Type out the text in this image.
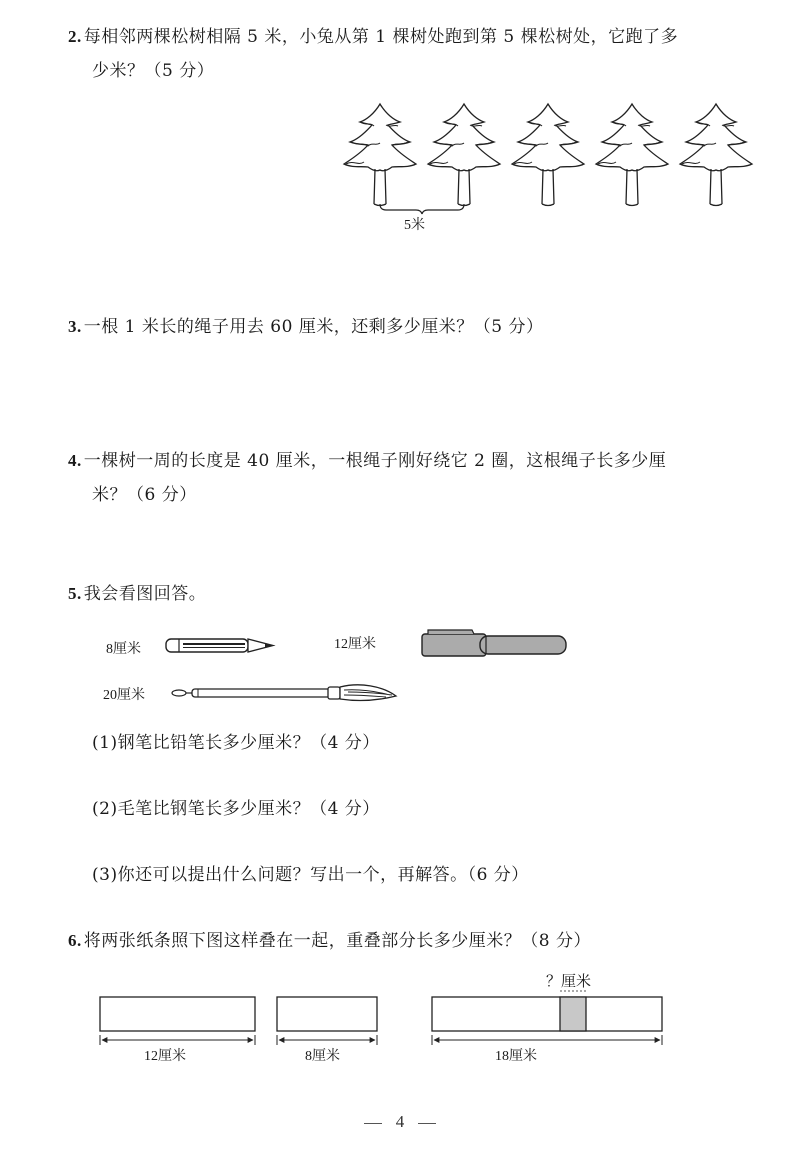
2 . 每相邻两棵松树相隔 5 米，小兔从第 1 棵树处跑到第 5 棵松树处，它跑了多
少米？（5 分）
5米
3 . 一根 1 米长的绳子用去 60 厘米，还剩多少厘米？（5 分）
4 . 一棵树一周的长度是 40 厘米，一根绳子刚好绕它 2 圈，这根绳子长多少厘
米？（6 分）
5 . 我会看图回答。
8厘米	12厘米
20厘米
(1)钢笔比铅笔长多少厘米？（4 分）
(2)毛笔比钢笔长多少厘米？（4 分）
(3)你还可以提出什么问题？写出一个，再解答。（6 分）
6 . 将两张纸条照下图这样叠在一起，重叠部分长多少厘米？（8 分）
？厘米
12厘米	8厘米	18厘米
4
